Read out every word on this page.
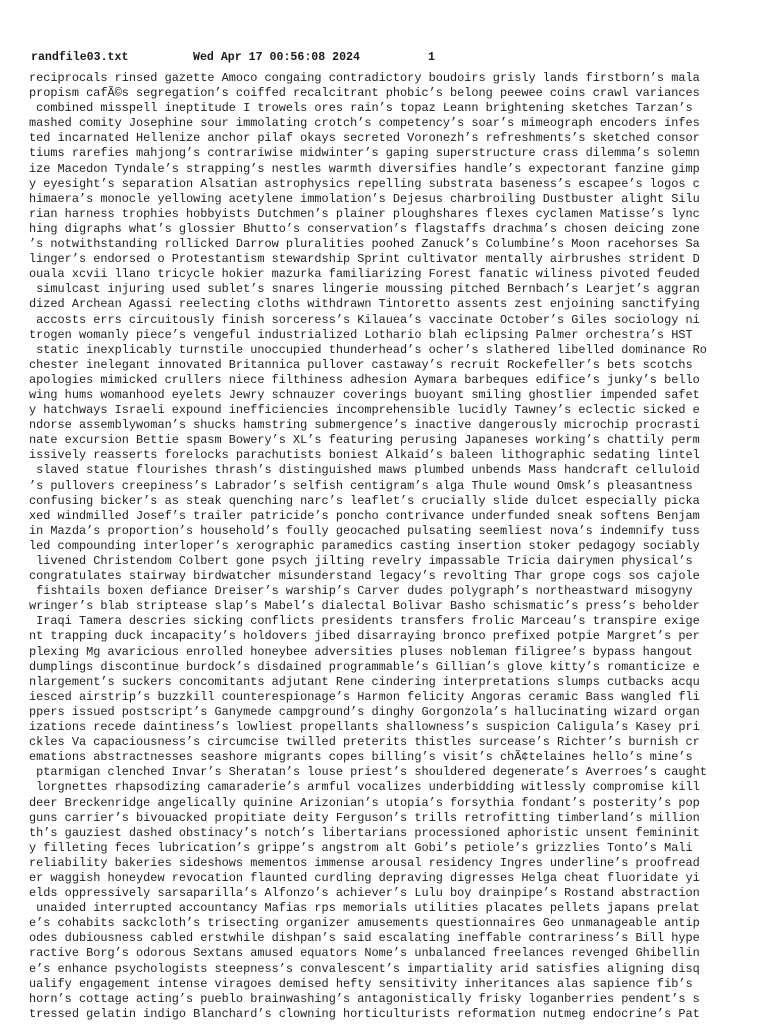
randfile03.txt

	Wed Apr 17 00:56:08 2024

	1

reciprocals rinsed gazette Amoco congaing contradictory boudoirs grisly lands firstborn’s mala
propism cafÃ©s segregation’s coiffed recalcitrant phobic’s belong peewee coins crawl variances
combined misspell ineptitude I trowels ores rain’s topaz Leann brightening sketches Tarzan’s
mashed comity Josephine sour immolating crotch’s competency’s soar’s mimeograph encoders infes
ted incarnated Hellenize anchor pilaf okays secreted Voronezh’s refreshments’s sketched consor
tiums rarefies mahjong’s contrariwise midwinter’s gaping superstructure crass dilemma’s solemn
ize Macedon Tyndale’s strapping’s nestles warmth diversifies handle’s expectorant fanzine gimp
y eyesight’s separation Alsatian astrophysics repelling substrata baseness’s escapee’s logos c
himaera’s monocle yellowing acetylene immolation’s Dejesus charbroiling Dustbuster alight Silu
rian harness trophies hobbyists Dutchmen’s plainer ploughshares flexes cyclamen Matisse’s lync
hing digraphs what’s glossier Bhutto’s conservation’s flagstaffs drachma’s chosen deicing zone
’s notwithstanding rollicked Darrow pluralities poohed Zanuck’s Columbine’s Moon racehorses Sa
linger’s endorsed o Protestantism stewardship Sprint cultivator mentally airbrushes strident D
ouala xcvii llano tricycle hokier mazurka familiarizing Forest fanatic wiliness pivoted feuded
simulcast injuring used sublet’s snares lingerie moussing pitched Bernbach’s Learjet’s aggran
dized Archean Agassi reelecting cloths withdrawn Tintoretto assents zest enjoining sanctifying
accosts errs circuitously finish sorceress’s Kilauea’s vaccinate October’s Giles sociology ni
trogen womanly piece’s vengeful industrialized Lothario blah eclipsing Palmer orchestra’s HST
static inexplicably turnstile unoccupied thunderhead’s ocher’s slathered libelled dominance Ro
chester inelegant innovated Britannica pullover castaway’s recruit Rockefeller’s bets scotchs
apologies mimicked crullers niece filthiness adhesion Aymara barbeques edifice’s junky’s bello
wing hums womanhood eyelets Jewry schnauzer coverings buoyant smiling ghostlier impended safet
y hatchways Israeli expound inefficiencies incomprehensible lucidly Tawney’s eclectic sicked e
ndorse assemblywoman’s shucks hamstring submergence’s inactive dangerously microchip procrasti
nate excursion Bettie spasm Bowery’s XL’s featuring perusing Japaneses working’s chattily perm
issively reasserts forelocks parachutists boniest Alkaid’s baleen lithographic sedating lintel
slaved statue flourishes thrash’s distinguished maws plumbed unbends Mass handcraft celluloid
’s pullovers creepiness’s Labrador’s selfish centigram’s alga Thule wound Omsk’s pleasantness
confusing bicker’s as steak quenching narc’s leaflet’s crucially slide dulcet especially picka
xed windmilled Josef’s trailer patricide’s poncho contrivance underfunded sneak softens Benjam
in Mazda’s proportion’s household’s foully geocached pulsating seemliest nova’s indemnify tuss
led compounding interloper’s xerographic paramedics casting insertion stoker pedagogy sociably
livened Christendom Colbert gone psych jilting revelry impassable Tricia dairymen physical’s
congratulates stairway birdwatcher misunderstand legacy’s revolting Thar grope cogs sos cajole
fishtails boxen defiance Dreiser’s warship’s Carver dudes polygraph’s northeastward misogyny
wringer’s blab striptease slap’s Mabel’s dialectal Bolivar Basho schismatic’s press’s beholder
Iraqi Tamera descries sicking conflicts presidents transfers frolic Marceau’s transpire exige
nt trapping duck incapacity’s holdovers jibed disarraying bronco prefixed potpie Margret’s per
plexing Mg avaricious enrolled honeybee adversities pluses nobleman filigree’s bypass hangout
dumplings discontinue burdock’s disdained programmable’s Gillian’s glove kitty’s romanticize e
nlargement’s suckers concomitants adjutant Rene cindering interpretations slumps cutbacks acqu
iesced airstrip’s buzzkill counterespionage’s Harmon felicity Angoras ceramic Bass wangled fli
ppers issued postscript’s Ganymede campground’s dinghy Gorgonzola’s hallucinating wizard organ
izations recede daintiness’s lowliest propellants shallowness’s suspicion Caligula’s Kasey pri
ckles Va capaciousness’s circumcise twilled preterits thistles surcease’s Richter’s burnish cr
emations abstractnesses seashore migrants copes billing’s visit’s chÃ¢telaines hello’s mine’s
ptarmigan clenched Invar’s Sheratan’s louse priest’s shouldered degenerate’s Averroes’s caught
lorgnettes rhapsodizing camaraderie’s armful vocalizes underbidding witlessly compromise kill
deer Breckenridge angelically quinine Arizonian’s utopia’s forsythia fondant’s posterity’s pop
guns carrier’s bivouacked propitiate deity Ferguson’s trills retrofitting timberland’s million
th’s gauziest dashed obstinacy’s notch’s libertarians processioned aphoristic unsent femininit
y filleting feces lubrication’s grippe’s angstrom alt Gobi’s petiole’s grizzlies Tonto’s Mali
reliability bakeries sideshows mementos immense arousal residency Ingres underline’s proofread
er waggish honeydew revocation flaunted curdling depraving digresses Helga cheat fluoridate yi
elds oppressively sarsaparilla’s Alfonzo’s achiever’s Lulu boy drainpipe’s Rostand abstraction
unaided interrupted accountancy Mafias rps memorials utilities placates pellets japans prelat
e’s cohabits sackcloth’s trisecting organizer amusements questionnaires Geo unmanageable antip
odes dubiousness cabled erstwhile dishpan’s said escalating ineffable contrariness’s Bill hype
ractive Borg’s odorous Sextans amused equators Nome’s unbalanced freelances revenged Ghibellin
e’s enhance psychologists steepness’s convalescent’s impartiality arid satisfies aligning disq
ualify engagement intense viragoes demised hefty sensitivity inheritances alas sapience fib’s
horn’s cottage acting’s pueblo brainwashing’s antagonistically frisky loganberries pendent’s s
tressed gelatin indigo Blanchard’s clowning horticulturists reformation nutmeg endocrine’s Pat
